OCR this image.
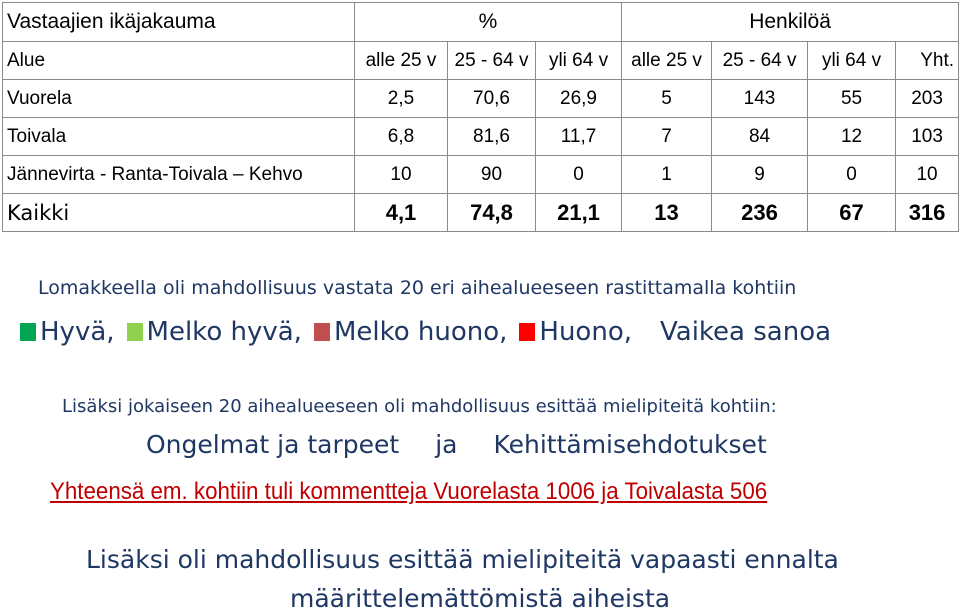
Vastaajien ikäjakauma	%			Henkilöä			
Alue	alle 25 v	25 - 64 v	yli 64 v	alle 25 v	25 - 64 v	yli 64 v	Yht.
Vuorela	2,5	70,6	26,9	5	143	55	203
Toivala	6,8	81,6	11,7	7	84	12	103
Jännevirta - Ranta-Toivala – Kehvo	10	90	0	1	9	0	10
Kaikki	4,1	74,8	21,1	13	236	67	316
Lomakkeella oli mahdollisuus vastata 20 eri aihealueeseen rastittamalla kohtiin
Hyvä, Melko hyvä, Melko huono, Huono, Vaikea sanoa
Lisäksi jokaiseen 20 aihealueeseen oli mahdollisuus esittää mielipiteitä kohtiin:
Ongelmat ja tarpeet ja Kehittämisehdotukset
Yhteensä em. kohtiin tuli kommentteja Vuorelasta 1006 ja Toivalasta 506
Lisäksi oli mahdollisuus esittää mielipiteitä vapaasti ennalta
määrittelemättömistä aiheista
